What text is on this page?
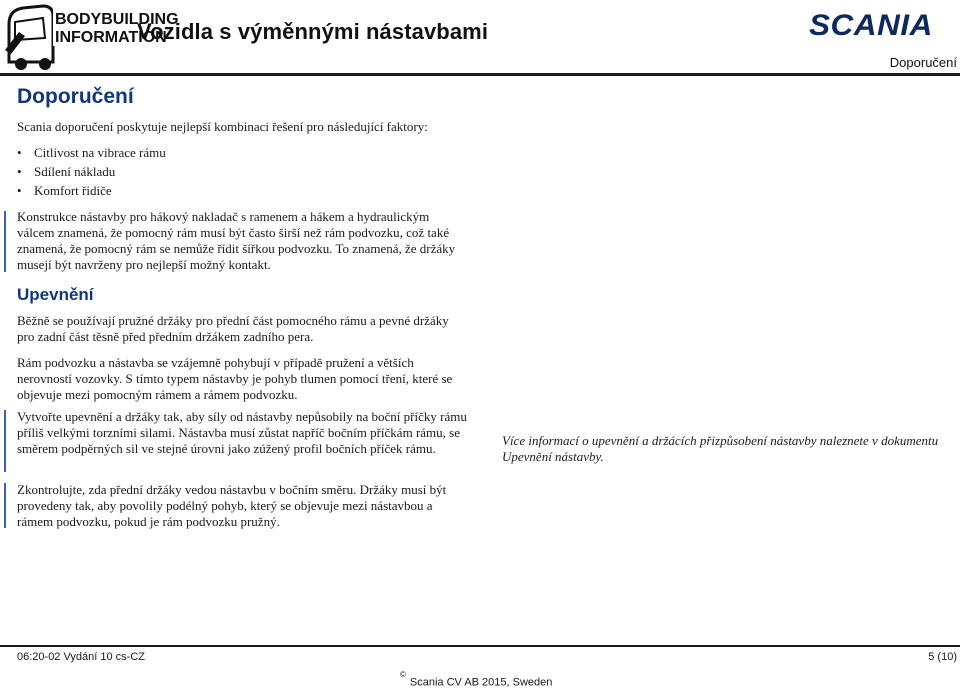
BODYBUILDING
INFORMATION
Vozidla s výměnnými nástavbami	SCANIA
Doporučení
Doporučení

Scania doporučení poskytuje nejlepší kombinaci řešení pro následující faktory:

• Citlivost na vibrace rámu
• Sdílení nákladu
• Komfort řidiče

Konstrukce nástavby pro hákový nakladač s ramenem a hákem a hydraulickým válcem znamená, že pomocný rám musí být často širší než rám podvozku, což také znamená, že pomocný rám se nemůže řídit šířkou podvozku. To znamená, že držáky musejí být navrženy pro nejlepší možný kontakt.

Upevnění

Běžně se používají pružné držáky pro přední část pomocného rámu a pevné držáky pro zadní část těsně před předním držákem zadního pera.

Rám podvozku a nástavba se vzájemně pohybují v případě pružení a větších nerovností vozovky. S tímto typem nástavby je pohyb tlumen pomocí tření, které se objevuje mezi pomocným rámem a rámem podvozku.

Vytvořte upevnění a držáky tak, aby síly od nástavby nepůsobily na boční příčky rámu příliš velkými torzními silami. Nástavba musí zůstat napříč bočním příčkám rámu, se směrem podpěrných sil ve stejné úrovni jako zúžený profil bočních příček rámu.

Zkontrolujte, zda přední držáky vedou nástavbu v bočním směru. Držáky musí být provedeny tak, aby povolily podélný pohyb, který se objevuje mezi nástavbou a rámem podvozku, pokud je rám podvozku pružný.

Více informací o upevnění a držácích přizpůsobení nástavby naleznete v dokumentu Upevnění nástavby.

06:20-02 Vydání 10 cs-CZ	5 (10)
©Scania CV AB 2015, Sweden
